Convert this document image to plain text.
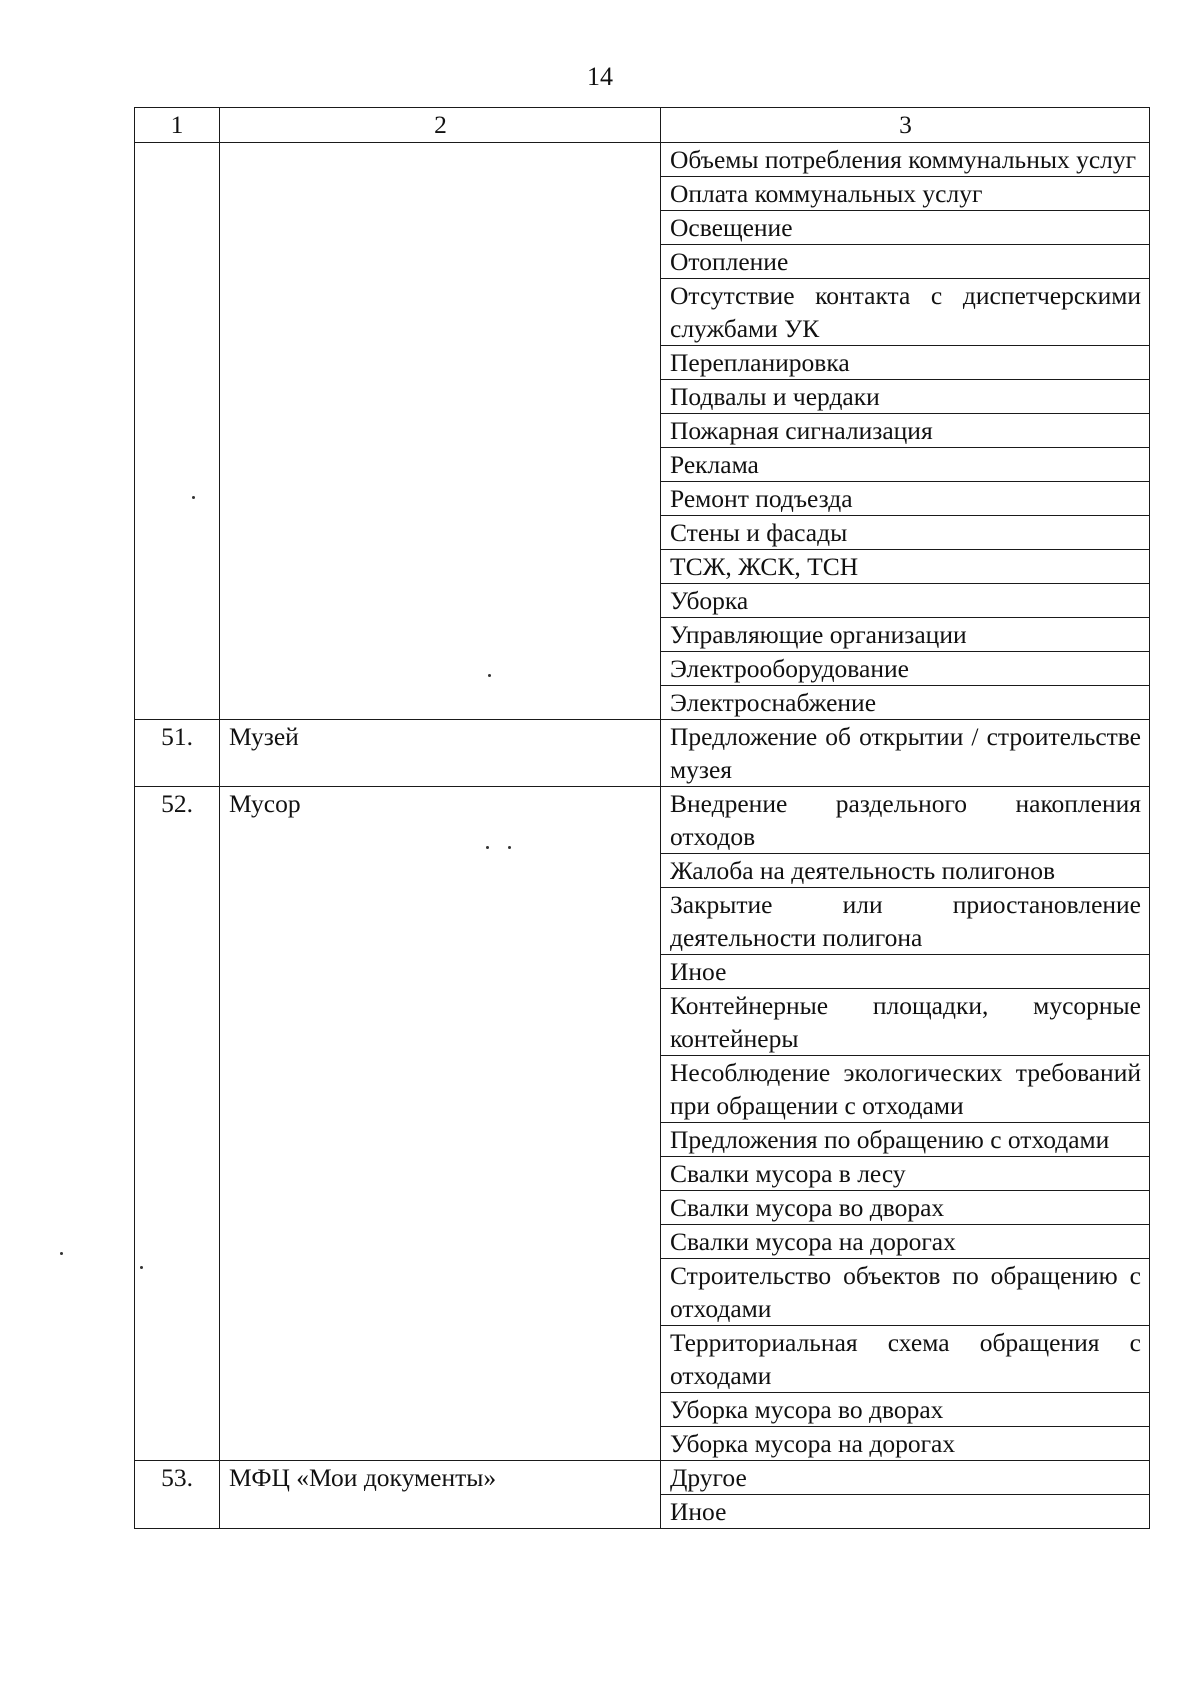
14
1	2	3
		Объемы потребления коммунальных услуг
		Оплата коммунальных услуг
		Освещение
		Отопление
		Отсутствие контакта с диспетчерскими службами УК
		Перепланировка
		Подвалы и чердаки
		Пожарная сигнализация
		Реклама
		Ремонт подъезда
		Стены и фасады
		ТСЖ, ЖСК, ТСН
		Уборка
		Управляющие организации
		Электрооборудование
		Электроснабжение
51.	Музей	Предложение об открытии / строительстве музея
52.	Мусор	Внедрение раздельного накопления отходов
		Жалоба на деятельность полигонов
		Закрытие или приостановление деятельности полигона
		Иное
		Контейнерные площадки, мусорные контейнеры
		Несоблюдение экологических требований при обращении с отходами
		Предложения по обращению с отходами
		Свалки мусора в лесу
		Свалки мусора во дворах
		Свалки мусора на дорогах
		Строительство объектов по обращению с отходами
		Территориальная схема обращения с отходами
		Уборка мусора во дворах
		Уборка мусора на дорогах
53.	МФЦ «Мои документы»	Другое
		Иное
